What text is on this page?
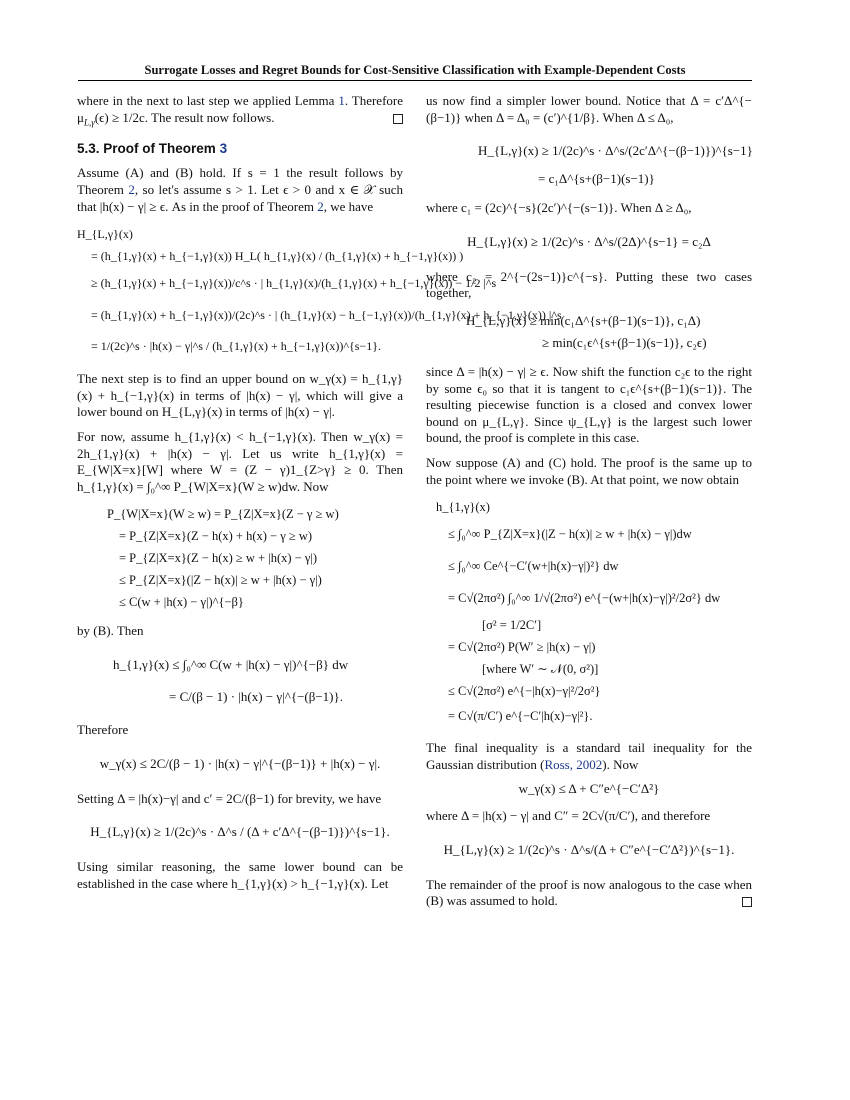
Surrogate Losses and Regret Bounds for Cost-Sensitive Classification with Example-Dependent Costs

where in the next to last step we applied Lemma 1. Therefore $\mu_{L,\gamma}(\epsilon) \ge 1/2c$. The result now follows.

5.3. Proof of Theorem 3

Assume (A) and (B) hold. If s = 1 the result follows by Theorem 2, so let's assume s > 1. Let ϵ > 0 and x ∈ 𝒳 such that |h(x) − γ| ≥ ϵ. As in the proof of Theorem 2, we have

H_{L,γ}(x)
= (h_{1,γ}(x) + h_{−1,γ}(x)) H_L( h_{1,γ}(x) / (h_{1,γ}(x) + h_{−1,γ}(x)) )
≥ (h_{1,γ}(x) + h_{−1,γ}(x))/c^s · | h_{1,γ}(x)/(h_{1,γ}(x) + h_{−1,γ}(x)) − 1/2 |^s
= (h_{1,γ}(x) + h_{−1,γ}(x))/(2c)^s · | (h_{1,γ}(x) − h_{−1,γ}(x))/(h_{1,γ}(x) + h_{−1,γ}(x)) |^s
= 1/(2c)^s · |h(x) − γ|^s / (h_{1,γ}(x) + h_{−1,γ}(x))^{s−1}.

The next step is to find an upper bound on w_γ(x) = h_{1,γ}(x) + h_{−1,γ}(x) in terms of |h(x) − γ|, which will give a lower bound on H_{L,γ}(x) in terms of |h(x) − γ|.

For now, assume h_{1,γ}(x) < h_{−1,γ}(x). Then w_γ(x) = 2h_{1,γ}(x) + |h(x) − γ|. Let us write h_{1,γ}(x) = E_{W|X=x}[W] where W = (Z − γ)1_{Z>γ} ≥ 0. Then h_{1,γ}(x) = ∫₀^∞ P_{W|X=x}(W ≥ w)dw. Now

P_{W|X=x}(W ≥ w) = P_{Z|X=x}(Z − γ ≥ w)
= P_{Z|X=x}(Z − h(x) + h(x) − γ ≥ w)
= P_{Z|X=x}(Z − h(x) ≥ w + |h(x) − γ|)
≤ P_{Z|X=x}(|Z − h(x)| ≥ w + |h(x) − γ|)
≤ C(w + |h(x) − γ|)^{−β}

by (B). Then

h_{1,γ}(x) ≤ ∫₀^∞ C(w + |h(x) − γ|)^{−β} dw
= C/(β − 1) · |h(x) − γ|^{−(β−1)}.

Therefore

w_γ(x) ≤ 2C/(β − 1) · |h(x) − γ|^{−(β−1)} + |h(x) − γ|.

Setting Δ = |h(x)−γ| and c′ = 2C/(β−1) for brevity, we have

H_{L,γ}(x) ≥ 1/(2c)^s · Δ^s / (Δ + c′Δ^{−(β−1)})^{s−1}.

Using similar reasoning, the same lower bound can be established in the case where h_{1,γ}(x) > h_{−1,γ}(x). Let

us now find a simpler lower bound. Notice that Δ = c′Δ^{−(β−1)} when Δ = Δ₀ = (c′)^{1/β}. When Δ ≤ Δ₀,

H_{L,γ}(x) ≥ 1/(2c)^s · Δ^s/(2c′Δ^{−(β−1)})^{s−1}
= c₁Δ^{s+(β−1)(s−1)}

where c₁ = (2c)^{−s}(2c′)^{−(s−1)}. When Δ ≥ Δ₀,

H_{L,γ}(x) ≥ 1/(2c)^s · Δ^s/(2Δ)^{s−1} = c₂Δ

where c₂ = 2^{−(2s−1)}c^{−s}. Putting these two cases together,

H_{L,γ}(x) ≥ min(c₁Δ^{s+(β−1)(s−1)}, c₁Δ)
≥ min(c₁ϵ^{s+(β−1)(s−1)}, c₂ϵ)

since Δ = |h(x) − γ| ≥ ϵ. Now shift the function c₂ϵ to the right by some ϵ₀ so that it is tangent to c₁ϵ^{s+(β−1)(s−1)}. The resulting piecewise function is a closed and convex lower bound on μ_{L,γ}. Since ψ_{L,γ} is the largest such lower bound, the proof is complete in this case.

Now suppose (A) and (C) hold. The proof is the same up to the point where we invoke (B). At that point, we now obtain

h_{1,γ}(x)
≤ ∫₀^∞ P_{Z|X=x}(|Z − h(x)| ≥ w + |h(x) − γ|)dw
≤ ∫₀^∞ Ce^{−C′(w+|h(x)−γ|)²} dw
= C√(2πσ²) ∫₀^∞ 1/√(2πσ²) e^{−(w+|h(x)−γ|)²/2σ²} dw
[σ² = 1/2C′]
= C√(2πσ²) P(W′ ≥ |h(x) − γ|)
[where W′ ∼ 𝒩(0, σ²)]
≤ C√(2πσ²) e^{−|h(x)−γ|²/2σ²}
= C√(π/C′) e^{−C′|h(x)−γ|²}.

The final inequality is a standard tail inequality for the Gaussian distribution (Ross, 2002). Now

w_γ(x) ≤ Δ + C″e^{−C′Δ²}

where Δ = |h(x) − γ| and C″ = 2C√(π/C′), and therefore

H_{L,γ}(x) ≥ 1/(2c)^s · Δ^s/(Δ + C″e^{−C′Δ²})^{s−1}.

The remainder of the proof is now analogous to the case when (B) was assumed to hold.
